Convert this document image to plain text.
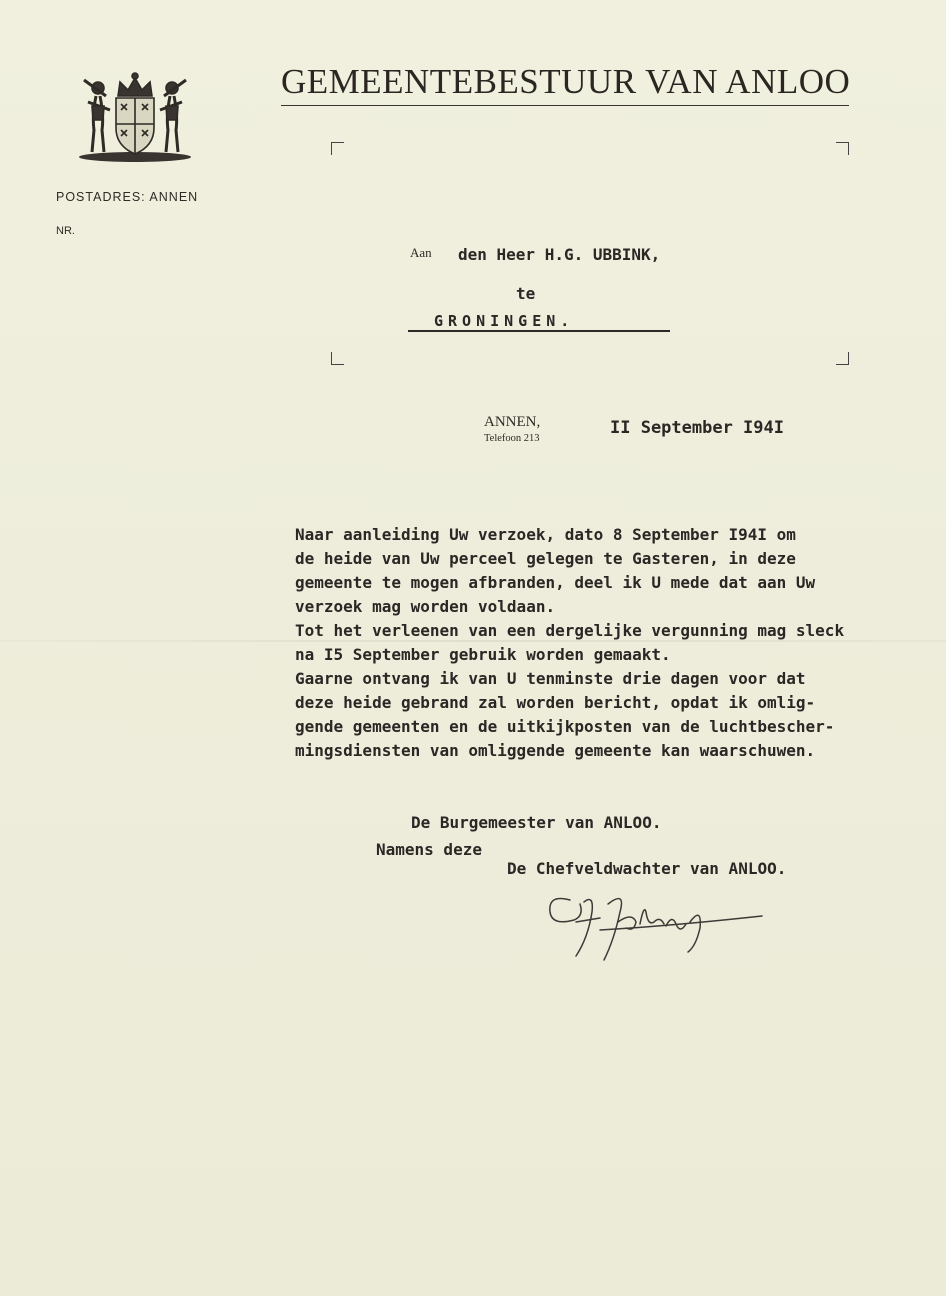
GEMEENTEBESTUUR VAN ANLOO
POSTADRES: ANNEN
NR.
Aan den Heer H.G. UBBINK,
te
GRONINGEN.
ANNEN,
Telefoon 213
II September I94I
Naar aanleiding Uw verzoek, dato 8 September I94I om
de heide van Uw perceel gelegen te Gasteren, in deze
gemeente te mogen afbranden, deel ik U mede dat aan Uw
verzoek mag worden voldaan.
Tot het verleenen van een dergelijke vergunning mag sleck
na I5 September gebruik worden gemaakt.
Gaarne ontvang ik van U tenminste drie dagen voor dat
deze heide gebrand zal worden bericht, opdat ik omlig-
gende gemeenten en de uitkijkposten van de luchtbescher-
mingsdiensten van omliggende gemeente kan waarschuwen.
De Burgemeester van ANLOO.
Namens deze
De Chefveldwachter van ANLOO.
